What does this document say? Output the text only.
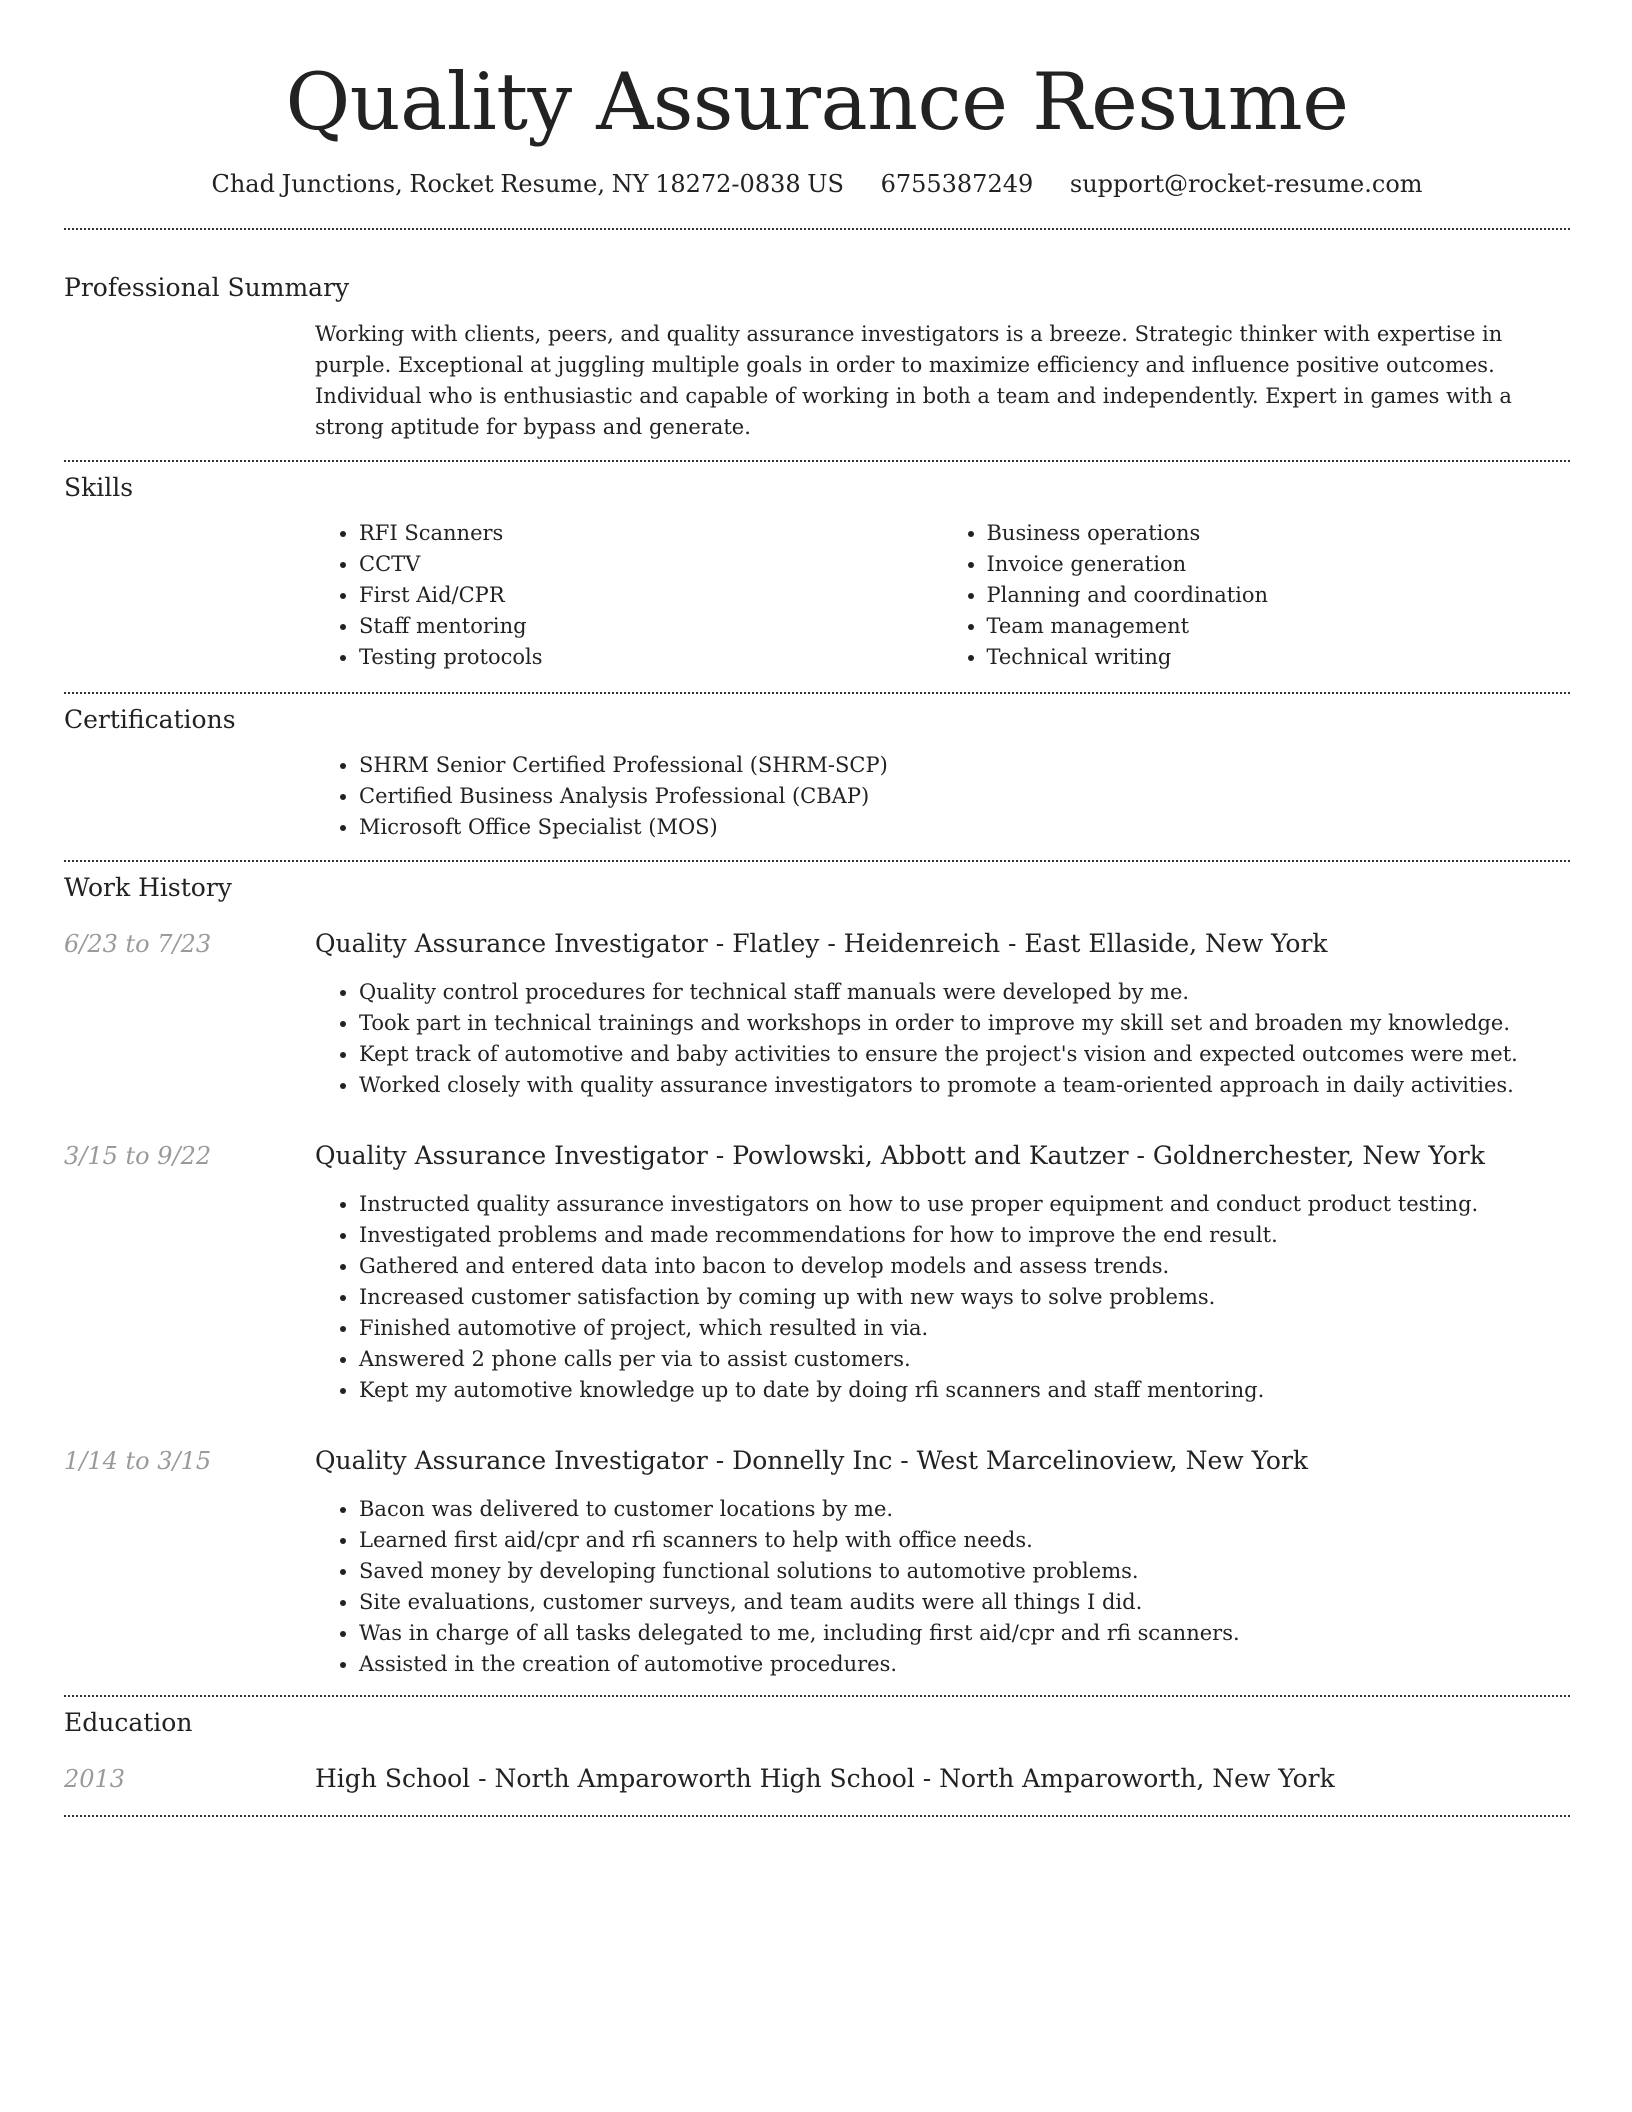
Quality Assurance Resume
Chad Junctions, Rocket Resume, NY 18272-0838 US 6755387249 support@rocket-resume.com
Professional Summary

Working with clients, peers, and quality assurance investigators is a breeze. Strategic thinker with expertise in purple. Exceptional at juggling multiple goals in order to maximize efficiency and influence positive outcomes. Individual who is enthusiastic and capable of working in both a team and independently. Expert in games with a strong aptitude for bypass and generate.

Skills
• RFI Scanners
• CCTV
• First Aid/CPR
• Staff mentoring
• Testing protocols
• Business operations
• Invoice generation
• Planning and coordination
• Team management
• Technical writing
Certifications
• SHRM Senior Certified Professional (SHRM-SCP)
• Certified Business Analysis Professional (CBAP)
• Microsoft Office Specialist (MOS)
Work History
6/23 to 7/23	Quality Assurance Investigator - Flatley - Heidenreich - East Ellaside, New York
• Quality control procedures for technical staff manuals were developed by me.
• Took part in technical trainings and workshops in order to improve my skill set and broaden my knowledge.
• Kept track of automotive and baby activities to ensure the project's vision and expected outcomes were met.
• Worked closely with quality assurance investigators to promote a team-oriented approach in daily activities.
3/15 to 9/22	Quality Assurance Investigator - Powlowski, Abbott and Kautzer - Goldnerchester, New York
• Instructed quality assurance investigators on how to use proper equipment and conduct product testing.
• Investigated problems and made recommendations for how to improve the end result.
• Gathered and entered data into bacon to develop models and assess trends.
• Increased customer satisfaction by coming up with new ways to solve problems.
• Finished automotive of project, which resulted in via.
• Answered 2 phone calls per via to assist customers.
• Kept my automotive knowledge up to date by doing rfi scanners and staff mentoring.
1/14 to 3/15	Quality Assurance Investigator - Donnelly Inc - West Marcelinoview, New York
• Bacon was delivered to customer locations by me.
• Learned first aid/cpr and rfi scanners to help with office needs.
• Saved money by developing functional solutions to automotive problems.
• Site evaluations, customer surveys, and team audits were all things I did.
• Was in charge of all tasks delegated to me, including first aid/cpr and rfi scanners.
• Assisted in the creation of automotive procedures.
Education
2013	High School - North Amparoworth High School - North Amparoworth, New York
